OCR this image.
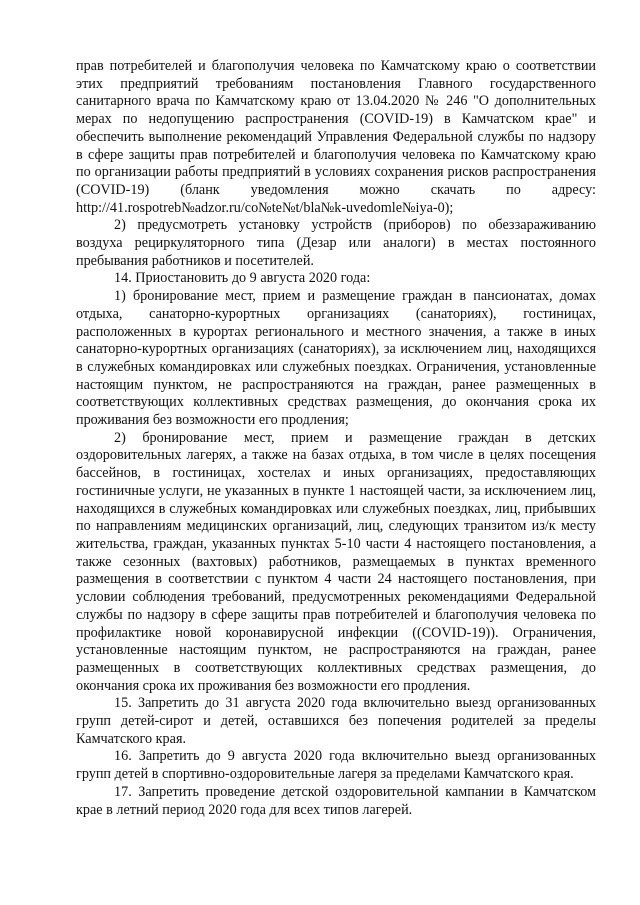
прав потребителей и благополучия человека по Камчатскому краю о соответствии этих предприятий требованиям постановления Главного государственного санитарного врача по Камчатскому краю от 13.04.2020 № 246 "О дополнительных мерах по недопущению распространения (COVID-19) в Камчатском крае" и обеспечить выполнение рекомендаций Управления Федеральной службы по надзору в сфере защиты прав потребителей и благополучия человека по Камчатскому краю по организации работы предприятий в условиях сохранения рисков распространения (COVID-19) (бланк уведомления можно скачать по адресу: http://41.rospotreb№adzor.ru/co№te№t/bla№k-uvedomle№iya-0);

2) предусмотреть установку устройств (приборов) по обеззараживанию воздуха рециркуляторного типа (Дезар или аналоги) в местах постоянного пребывания работников и посетителей.

14. Приостановить до 9 августа 2020 года:

1) бронирование мест, прием и размещение граждан в пансионатах, домах отдыха, санаторно-курортных организациях (санаториях), гостиницах, расположенных в курортах регионального и местного значения, а также в иных санаторно-курортных организациях (санаториях), за исключением лиц, находящихся в служебных командировках или служебных поездках. Ограничения, установленные настоящим пунктом, не распространяются на граждан, ранее размещенных в соответствующих коллективных средствах размещения, до окончания срока их проживания без возможности его продления;

2) бронирование мест, прием и размещение граждан в детских оздоровительных лагерях, а также на базах отдыха, в том числе в целях посещения бассейнов, в гостиницах, хостелах и иных организациях, предоставляющих гостиничные услуги, не указанных в пункте 1 настоящей части, за исключением лиц, находящихся в служебных командировках или служебных поездках, лиц, прибывших по направлениям медицинских организаций, лиц, следующих транзитом из/к месту жительства, граждан, указанных пунктах 5-10 части 4 настоящего постановления, а также сезонных (вахтовых) работников, размещаемых в пунктах временного размещения в соответствии с пунктом 4 части 24 настоящего постановления, при условии соблюдения требований, предусмотренных рекомендациями Федеральной службы по надзору в сфере защиты прав потребителей и благополучия человека по профилактике новой коронавирусной инфекции ((COVID-19)). Ограничения, установленные настоящим пунктом, не распространяются на граждан, ранее размещенных в соответствующих коллективных средствах размещения, до окончания срока их проживания без возможности его продления.

15. Запретить до 31 августа 2020 года включительно выезд организованных групп детей-сирот и детей, оставшихся без попечения родителей за пределы Камчатского края.

16. Запретить до 9 августа 2020 года включительно выезд организованных групп детей в спортивно-оздоровительные лагеря за пределами Камчатского края.

17. Запретить проведение детской оздоровительной кампании в Камчатском крае в летний период 2020 года для всех типов лагерей.
